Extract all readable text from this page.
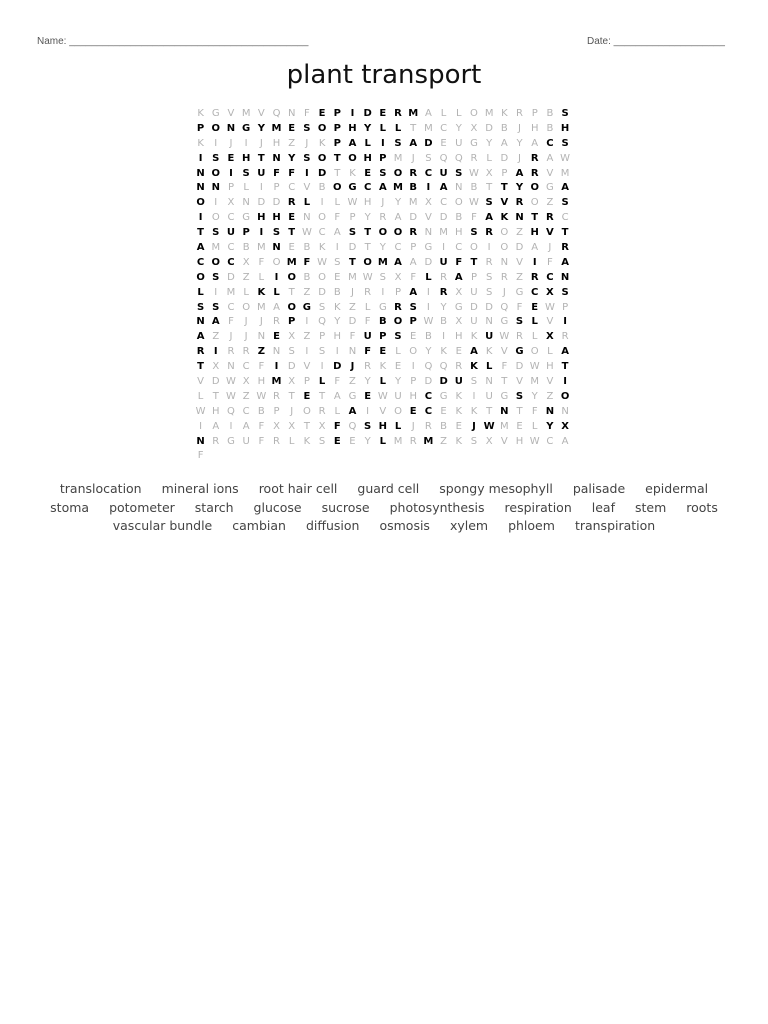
Name: ___________________________________________	Date: ____________________
plant transport
K G V M V Q N F E P I D E R M A L L O M K R P B S
P O N G Y M E S O P H Y L L T M C Y X D B	J H B H
K	I	J	I	J H Z	J	K P A L	I S A D E U G Y A Y A C S
I S E H T N Y S O T O H P M J	S Q Q R L D J R A W
N O I S U F F I D T K E S O R C U S W X P A R V M
N N P L	I	P C V B O G C A M B I A N B T T Y O G A
O I	X N D D R L	I	L W H J	Y M X C O W S V R O Z S
I O C G H H E N O F P Y R A D V D B F A K N T R C
T S U P I S T W C A S T O O R N M H S R O Z H V T
A M C B M N E B K	I D T Y C P G I	C O I O D A	J R
C O C X F O M F W S T O M A A D U F T R N V I	F A
O S D Z L	I O B O E M W S X F L R A P S R Z R C N
L	I M L K L T Z D B	J	R	I	P A I R X U S	J G C X S
S S C O M A O G S K Z L G R S	I	Y G D D Q F E W P
N A F	J	J	R P	I Q Y D F B O P W B X U N G S L V I
A Z	J	J N E X Z P H F U P S E B	I H K U W R L X R
R I R R Z N S	I	S	I N F E L O Y K E A K V G O L A
T X N C F	I D V	I D J R K E	I Q Q R K L F D W H T
V D W X H M X P L F Z Y L Y P D D U S N T V M V I
L T W Z W R T E T A G E W U H C G K	I	U G S Y Z O
W H Q C B P	J O R L A I	V O E C E K K T N T F N N
I	A	I	A F X X T X F Q S H L	J	R B E	J W M E L Y X
N R G U F R L K S E E Y L M R M Z K S X V H W C A
F
translocation mineral ions root hair cell guard cell spongy mesophyll palisade epidermalstoma potometer starch glucose sucrose photosynthesis respiration leaf stem rootsvascular bundle cambian diffusion osmosis xylem phloem transpiration
